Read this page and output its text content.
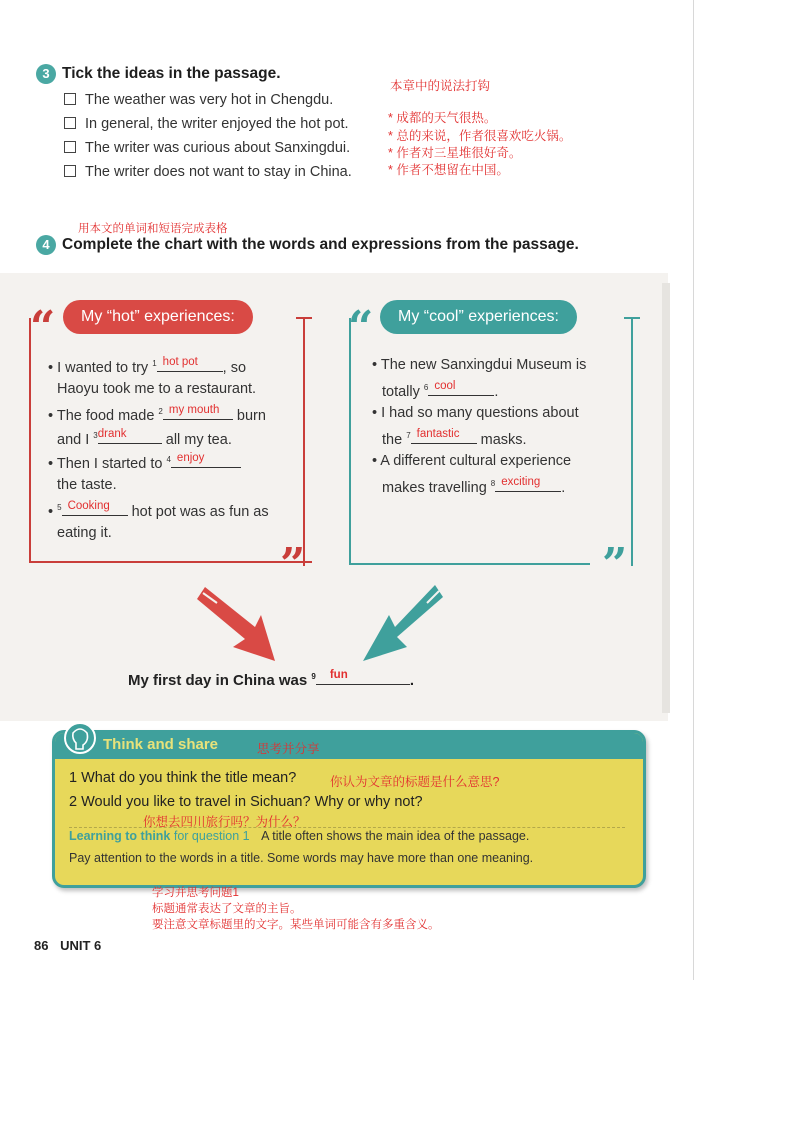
3 Tick the ideas in the passage.
本章中的说法打钩
The weather was very hot in Chengdu.
In general, the writer enjoyed the hot pot.
The writer was curious about Sanxingdui.
The writer does not want to stay in China.
* 成都的天气很热。
* 总的来说，作者很喜欢吃火锅。
* 作者对三星堆很好奇。
* 作者不想留在中国。
用本文的单词和短语完成表格
4 Complete the chart with the words and expressions from the passage.
My “hot” experiences:
“
”
• I wanted to try $^1$ hot pot , so
Haoyu took me to a restaurant.
• The food made $^2$ my mouth burn
and I $^3$ drank all my tea.
• Then I started to $^4$ enjoy
the taste.
• $^5$ Cooking hot pot was as fun as
eating it.
My “cool” experiences:
“
”
• The new Sanxingdui Museum is
totally $^6$ cool	.
• I had so many questions about
the $^7$ fantastic masks.
• A different cultural experience
makes travelling $^8$ exciting .
My first day in China was $^9$ fun	.
Think and share	思考并分享
1 What do you think the title mean?	你认为文章的标题是什么意思?
2 Would you like to travel in Sichuan? Why or why not?
你想去四川旅行吗？为什么？
Learning to think for question 1 A title often shows the main idea of the passage.
Pay attention to the words in a title. Some words may have more than one meaning.
学习并思考问题1
标题通常表达了文章的主旨。
要注意文章标题里的文字。某些单词可能含有多重含义。
86 UNIT 6
